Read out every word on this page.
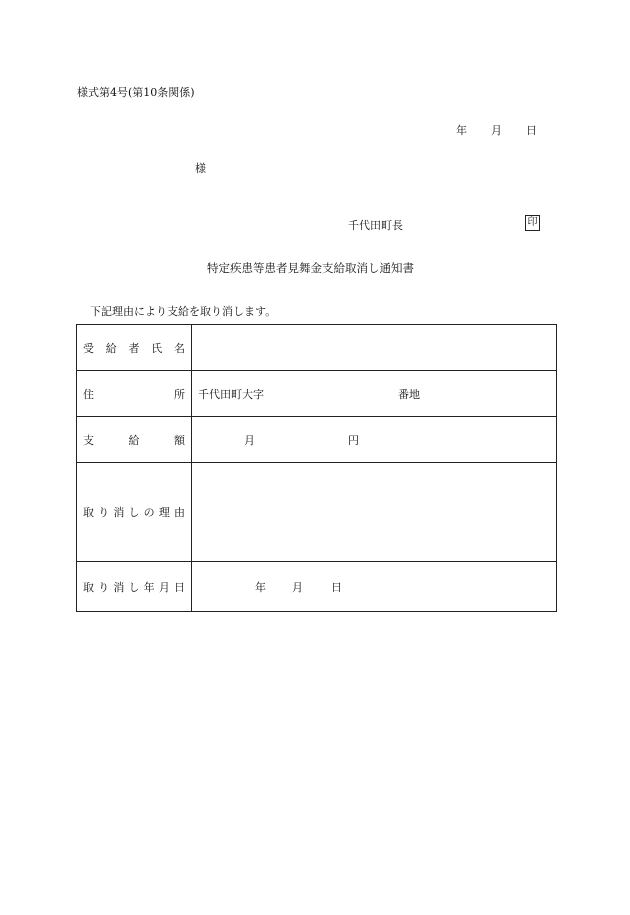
様式第4号(第10条関係)
年 月 日
様
千代田町長	印
特定疾患等患者見舞金支給取消し通知書
下記理由により支給を取り消します。
受給者氏名	
住所	千代田町大字 番地
支給額	月 円
取り消しの理由	
取り消し年月日	年 月 日
